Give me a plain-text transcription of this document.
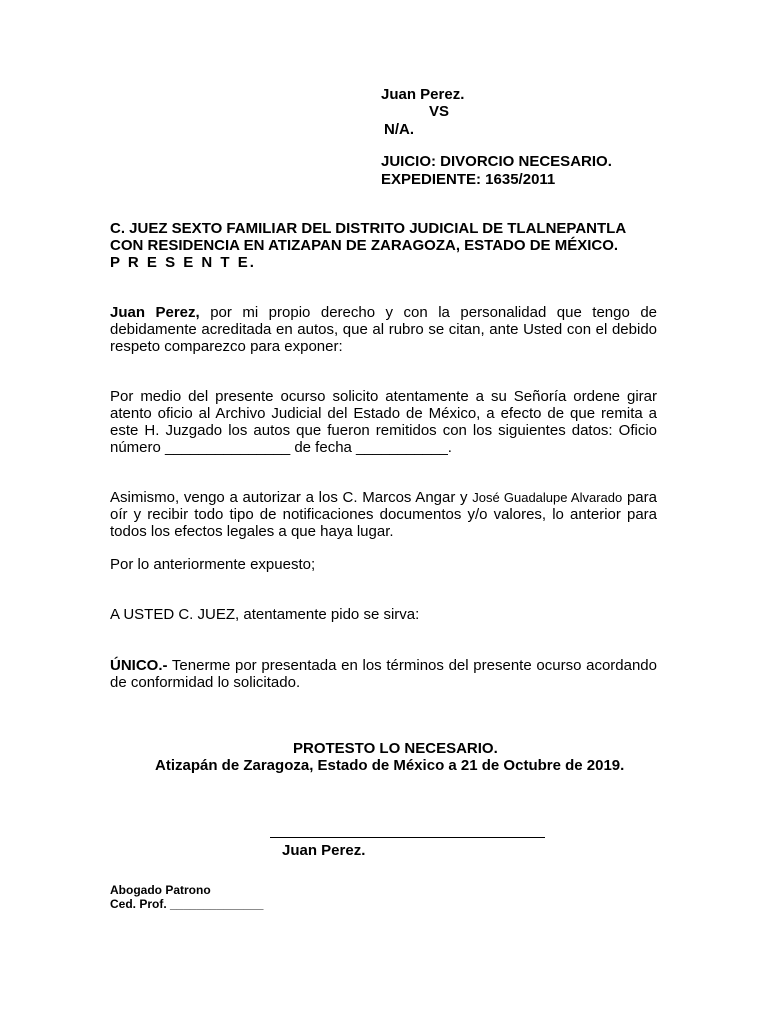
Juan Perez.

VS

N/A.

JUICIO: DIVORCIO NECESARIO.

EXPEDIENTE: 1635/2011

C. JUEZ SEXTO FAMILIAR DEL DISTRITO JUDICIAL DE TLALNEPANTLA

CON RESIDENCIA EN ATIZAPAN DE ZARAGOZA, ESTADO DE MÉXICO.

P R E S E N T E.

Juan Perez, por mi propio derecho y con la personalidad que tengo de debidamente acreditada en autos, que al rubro se citan, ante Usted con el debido respeto comparezco para exponer:

Por medio del presente ocurso solicito atentamente a su Señoría ordene girar atento oficio al Archivo Judicial del Estado de México, a efecto de que remita a este H. Juzgado los autos que fueron remitidos con los siguientes datos: Oficio número _______________ de fecha ___________.

Asimismo, vengo a autorizar a los C. Marcos Angar y José Guadalupe Alvarado para oír y recibir todo tipo de notificaciones documentos y/o valores, lo anterior para todos los efectos legales a que haya lugar.

Por lo anteriormente expuesto;

A USTED C. JUEZ, atentamente pido se sirva:

ÚNICO.- Tenerme por presentada en los términos del presente ocurso acordando de conformidad lo solicitado.

PROTESTO LO NECESARIO.

Atizapán de Zaragoza, Estado de México a 21 de Octubre de 2019.

Juan Perez.

Abogado Patrono

Ced. Prof. ______________
